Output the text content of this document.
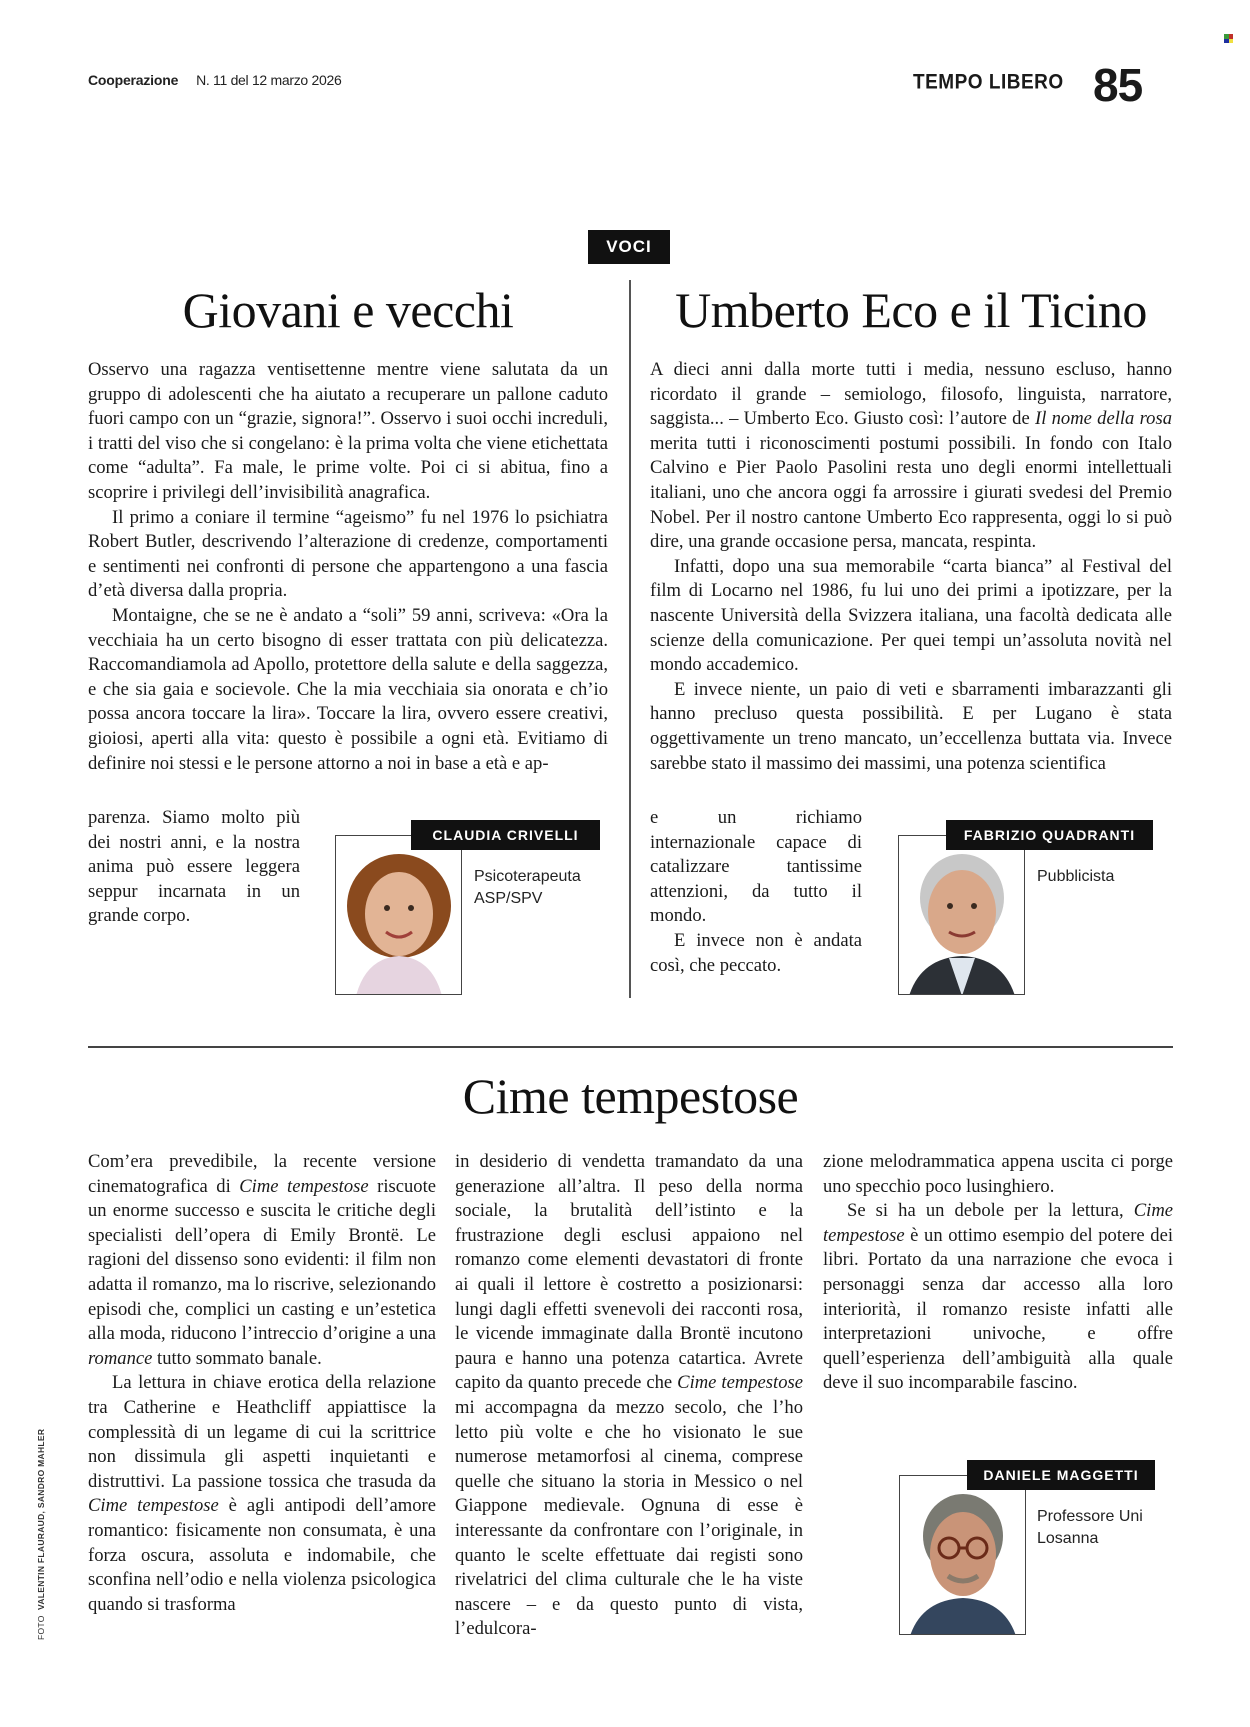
Cooperazione N. 11 del 12 marzo 2026	TEMPO LIBERO 85
VOCI
Giovani e vecchi

Osservo una ragazza ventisettenne mentre viene salutata da un gruppo di adolescenti che ha aiutato a recuperare un pallone caduto fuori campo con un “grazie, signora!”. Osservo i suoi occhi increduli, i tratti del viso che si congelano: è la prima volta che viene etichettata come “adulta”. Fa male, le prime volte. Poi ci si abitua, fino a scoprire i privilegi dell’invisibilità anagrafica.

Il primo a coniare il termine “ageismo” fu nel 1976 lo psichiatra Robert Butler, descrivendo l’alterazione di credenze, comportamenti e sentimenti nei confronti di persone che appartengono a una fascia d’età diversa dalla propria.

Montaigne, che se ne è andato a “soli” 59 anni, scriveva: «Ora la vecchiaia ha un certo bisogno di esser trattata con più delicatezza. Raccomandiamola ad Apollo, protettore della salute e della saggezza, e che sia gaia e socievole. Che la mia vecchiaia sia onorata e ch’io possa ancora toccare la lira». Toccare la lira, ovvero essere creativi, gioiosi, aperti alla vita: questo è possibile a ogni età. Evitiamo di definire noi stessi e le persone attorno a noi in base a età e ap-

parenza. Siamo molto più dei nostri anni, e la nostra anima può essere leggera seppur incarnata in un grande corpo.

CLAUDIA CRIVELLI
Psicoterapeuta
ASP/SPV
Umberto Eco e il Ticino

A dieci anni dalla morte tutti i media, nessuno escluso, hanno ricordato il grande – semiologo, filosofo, linguista, narratore, saggista... – Umberto Eco. Giusto così: l’autore de Il nome della rosa merita tutti i riconoscimenti postumi possibili. In fondo con Italo Calvino e Pier Paolo Pasolini resta uno degli enormi intellettuali italiani, uno che ancora oggi fa arrossire i giurati svedesi del Premio Nobel. Per il nostro cantone Umberto Eco rappresenta, oggi lo si può dire, una grande occasione persa, mancata, respinta.

Infatti, dopo una sua memorabile “carta bianca” al Festival del film di Locarno nel 1986, fu lui uno dei primi a ipotizzare, per la nascente Università della Svizzera italiana, una facoltà dedicata alle scienze della comunicazione. Per quei tempi un’assoluta novità nel mondo accademico.

E invece niente, un paio di veti e sbarramenti imbarazzanti gli hanno precluso questa possibilità. E per Lugano è stata oggettivamente un treno mancato, un’eccellenza buttata via. Invece sarebbe stato il massimo dei massimi, una potenza scientifica

e un richiamo internazionale capace di catalizzare tantissime attenzioni, da tutto il mondo.

E invece non è andata così, che peccato.

FABRIZIO QUADRANTI
Pubblicista
Cime tempestose

Com’era prevedibile, la recente versione cinematografica di Cime tempestose riscuote un enorme successo e suscita le critiche degli specialisti dell’opera di Emily Brontë. Le ragioni del dissenso sono evidenti: il film non adatta il romanzo, ma lo riscrive, selezionando episodi che, complici un casting e un’estetica alla moda, riducono l’intreccio d’origine a una romance tutto sommato banale.

La lettura in chiave erotica della relazione tra Catherine e Heathcliff appiattisce la complessità di un legame di cui la scrittrice non dissimula gli aspetti inquietanti e distruttivi. La passione tossica che trasuda da Cime tempestose è agli antipodi dell’amore romantico: fisicamente non consumata, è una forza oscura, assoluta e indomabile, che sconfina nell’odio e nella violenza psicologica quando si trasforma

in desiderio di vendetta tramandato da una generazione all’altra. Il peso della norma sociale, la brutalità dell’istinto e la frustrazione degli esclusi appaiono nel romanzo come elementi devastatori di fronte ai quali il lettore è costretto a posizionarsi: lungi dagli effetti svenevoli dei racconti rosa, le vicende immaginate dalla Brontë incutono paura e hanno una potenza catartica. Avrete capito da quanto precede che Cime tempestose mi accompagna da mezzo secolo, che l’ho letto più volte e che ho visionato le sue numerose metamorfosi al cinema, comprese quelle che situano la storia in Messico o nel Giappone medievale. Ognuna di esse è interessante da confrontare con l’originale, in quanto le scelte effettuate dai registi sono rivelatrici del clima culturale che le ha viste nascere – e da questo punto di vista, l’edulcora-

zione melodrammatica appena uscita ci porge uno specchio poco lusinghiero.

Se si ha un debole per la lettura, Cime tempestose è un ottimo esempio del potere dei libri. Portato da una narrazione che evoca i personaggi senza dar accesso alla loro interiorità, il romanzo resiste infatti alle interpretazioni univoche, e offre quell’esperienza dell’ambiguità alla quale deve il suo incomparabile fascino.

DANIELE MAGGETTI
Professore Uni
Losanna
FOTO  VALENTIN FLAURAUD, SANDRO MAHLER
